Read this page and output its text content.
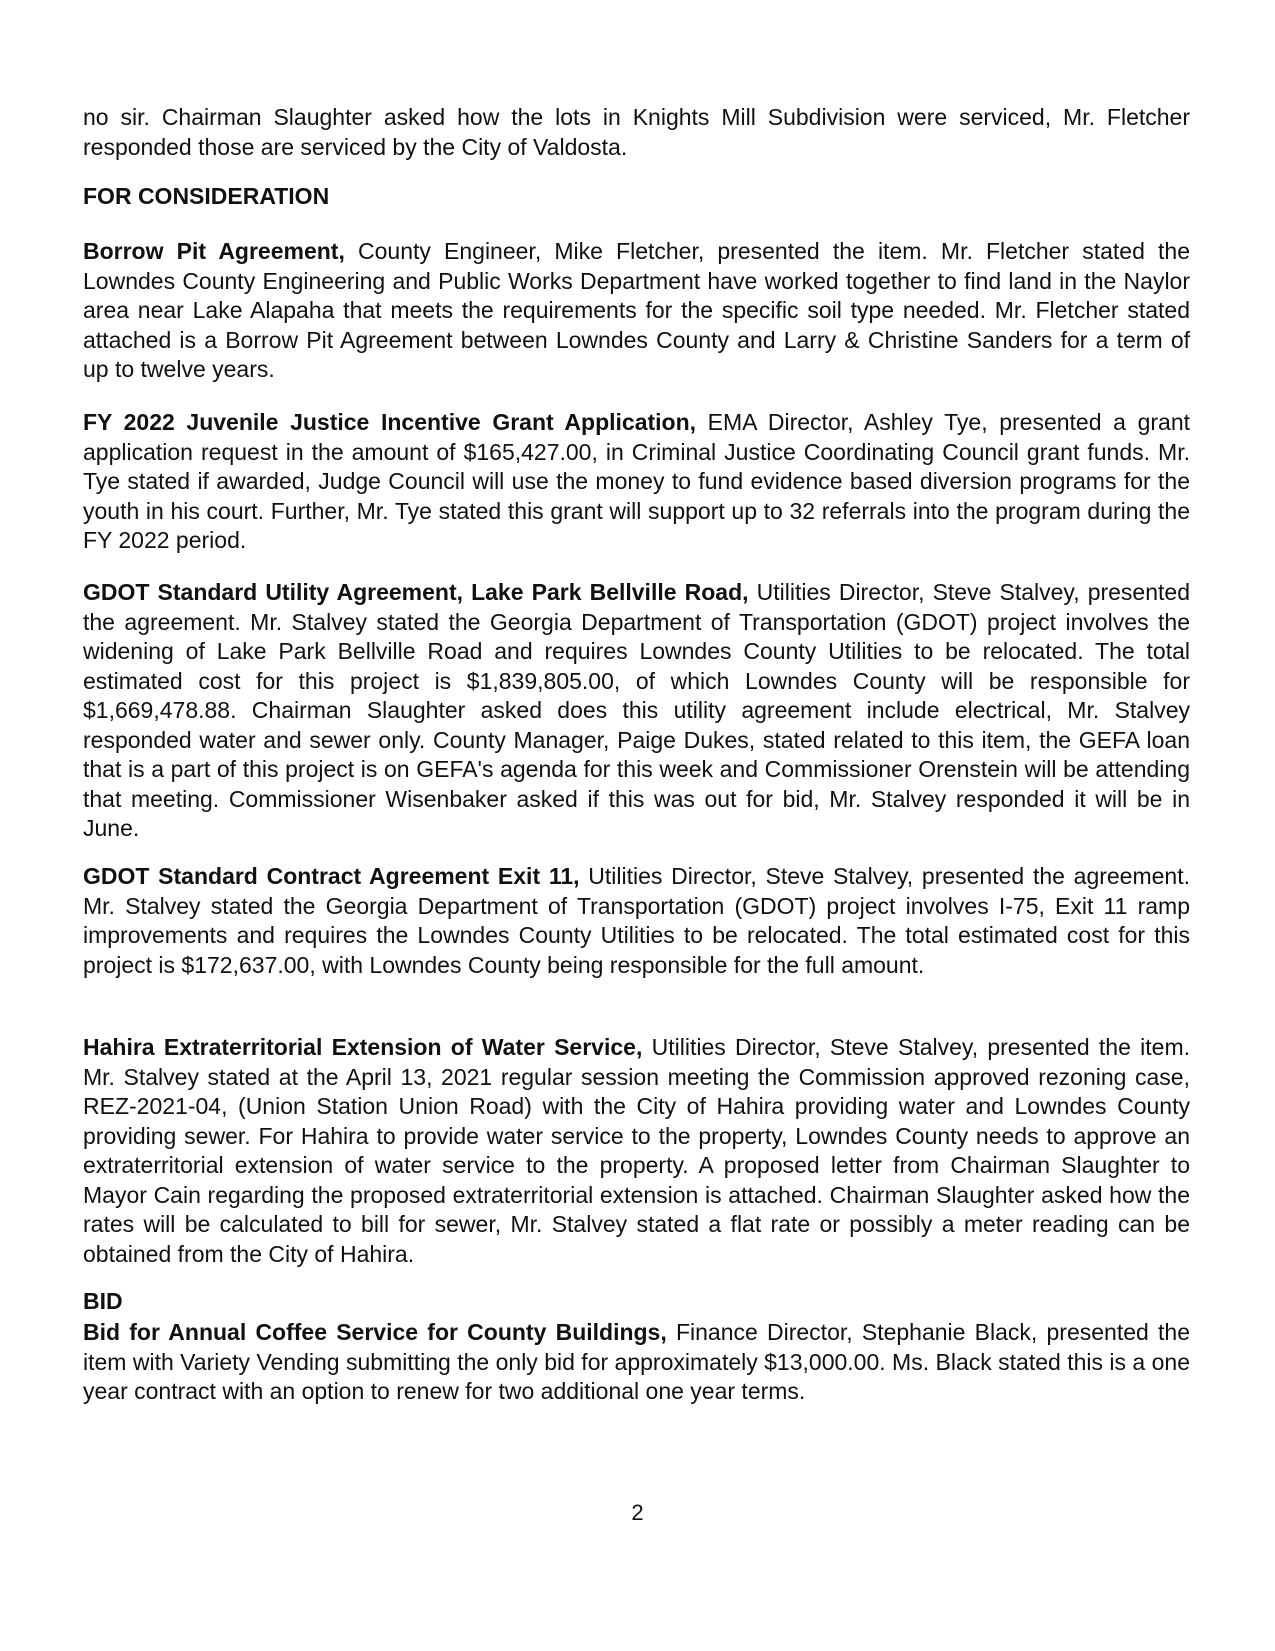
no sir. Chairman Slaughter asked how the lots in Knights Mill Subdivision were serviced, Mr. Fletcher responded those are serviced by the City of Valdosta.

FOR CONSIDERATION

Borrow Pit Agreement, County Engineer, Mike Fletcher, presented the item. Mr. Fletcher stated the Lowndes County Engineering and Public Works Department have worked together to find land in the Naylor area near Lake Alapaha that meets the requirements for the specific soil type needed. Mr. Fletcher stated attached is a Borrow Pit Agreement between Lowndes County and Larry & Christine Sanders for a term of up to twelve years.

FY 2022 Juvenile Justice Incentive Grant Application, EMA Director, Ashley Tye, presented a grant application request in the amount of $165,427.00, in Criminal Justice Coordinating Council grant funds. Mr. Tye stated if awarded, Judge Council will use the money to fund evidence based diversion programs for the youth in his court. Further, Mr. Tye stated this grant will support up to 32 referrals into the program during the FY 2022 period.

GDOT Standard Utility Agreement, Lake Park Bellville Road, Utilities Director, Steve Stalvey, presented the agreement. Mr. Stalvey stated the Georgia Department of Transportation (GDOT) project involves the widening of Lake Park Bellville Road and requires Lowndes County Utilities to be relocated. The total estimated cost for this project is $1,839,805.00, of which Lowndes County will be responsible for $1,669,478.88. Chairman Slaughter asked does this utility agreement include electrical, Mr. Stalvey responded water and sewer only. County Manager, Paige Dukes, stated related to this item, the GEFA loan that is a part of this project is on GEFA's agenda for this week and Commissioner Orenstein will be attending that meeting. Commissioner Wisenbaker asked if this was out for bid, Mr. Stalvey responded it will be in June.

GDOT Standard Contract Agreement Exit 11, Utilities Director, Steve Stalvey, presented the agreement. Mr. Stalvey stated the Georgia Department of Transportation (GDOT) project involves I-75, Exit 11 ramp improvements and requires the Lowndes County Utilities to be relocated. The total estimated cost for this project is $172,637.00, with Lowndes County being responsible for the full amount.

Hahira Extraterritorial Extension of Water Service, Utilities Director, Steve Stalvey, presented the item. Mr. Stalvey stated at the April 13, 2021 regular session meeting the Commission approved rezoning case, REZ-2021-04, (Union Station Union Road) with the City of Hahira providing water and Lowndes County providing sewer. For Hahira to provide water service to the property, Lowndes County needs to approve an extraterritorial extension of water service to the property. A proposed letter from Chairman Slaughter to Mayor Cain regarding the proposed extraterritorial extension is attached. Chairman Slaughter asked how the rates will be calculated to bill for sewer, Mr. Stalvey stated a flat rate or possibly a meter reading can be obtained from the City of Hahira.

BID

Bid for Annual Coffee Service for County Buildings, Finance Director, Stephanie Black, presented the item with Variety Vending submitting the only bid for approximately $13,000.00. Ms. Black stated this is a one year contract with an option to renew for two additional one year terms.

2
